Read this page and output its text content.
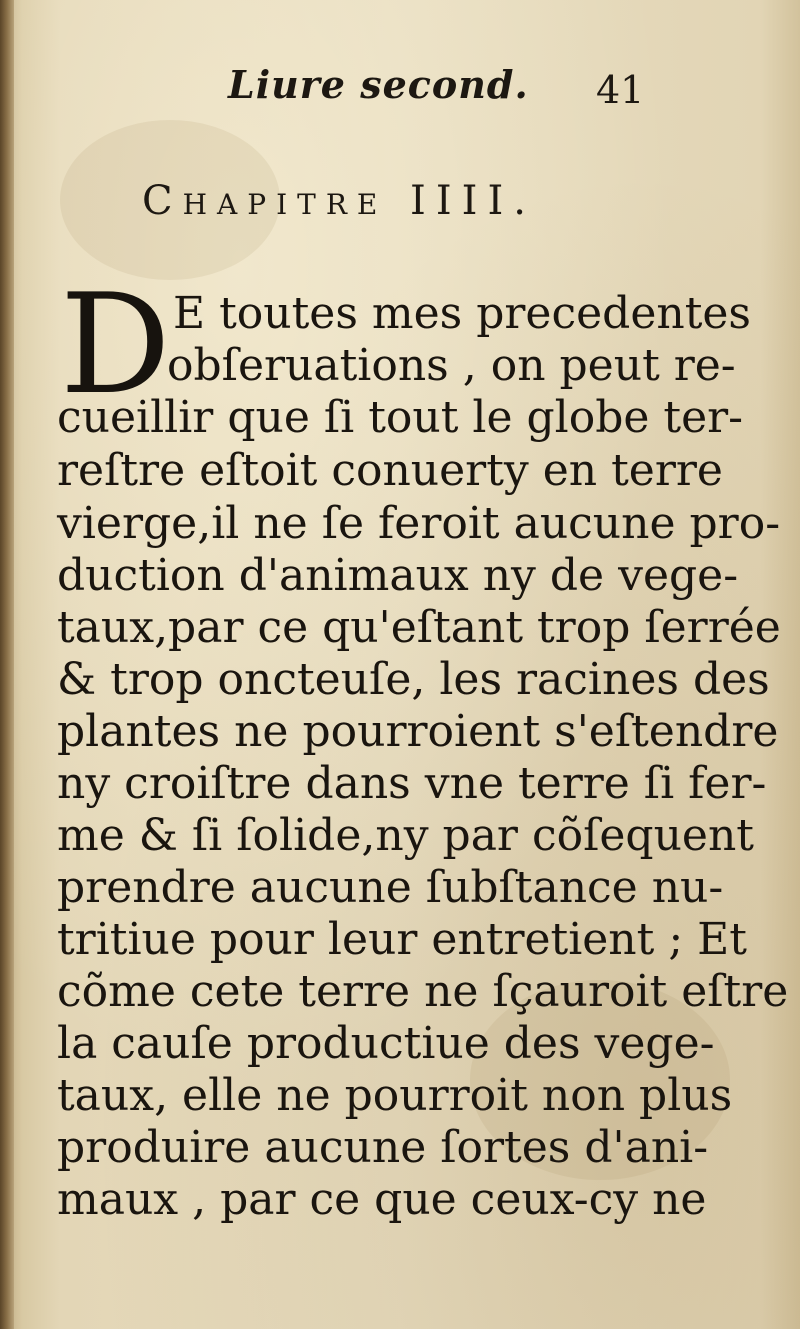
Liure second. 41
Chapitre IIII.
D E toutes mes precedentes
obſeruations , on peut re-
cueillir que ſi tout le globe ter-
reſtre eſtoit conuerty en terre
vierge,il ne ſe feroit aucune pro-
duction d'animaux ny de vege-
taux,par ce qu'eſtant trop ſerrée
& trop oncteuſe, les racines des
plantes ne pourroient s'eſtendre
ny croiſtre dans vne terre ſi fer-
me & ſi ſolide,ny par cõſequent
prendre aucune ſubſtance nu-
tritiue pour leur entretient ; Et
cõme cete terre ne ſçauroit eſtre
la cauſe productiue des vege-
taux, elle ne pourroit non plus
produire aucune ſortes d'ani-
maux , par ce que ceux-cy ne
